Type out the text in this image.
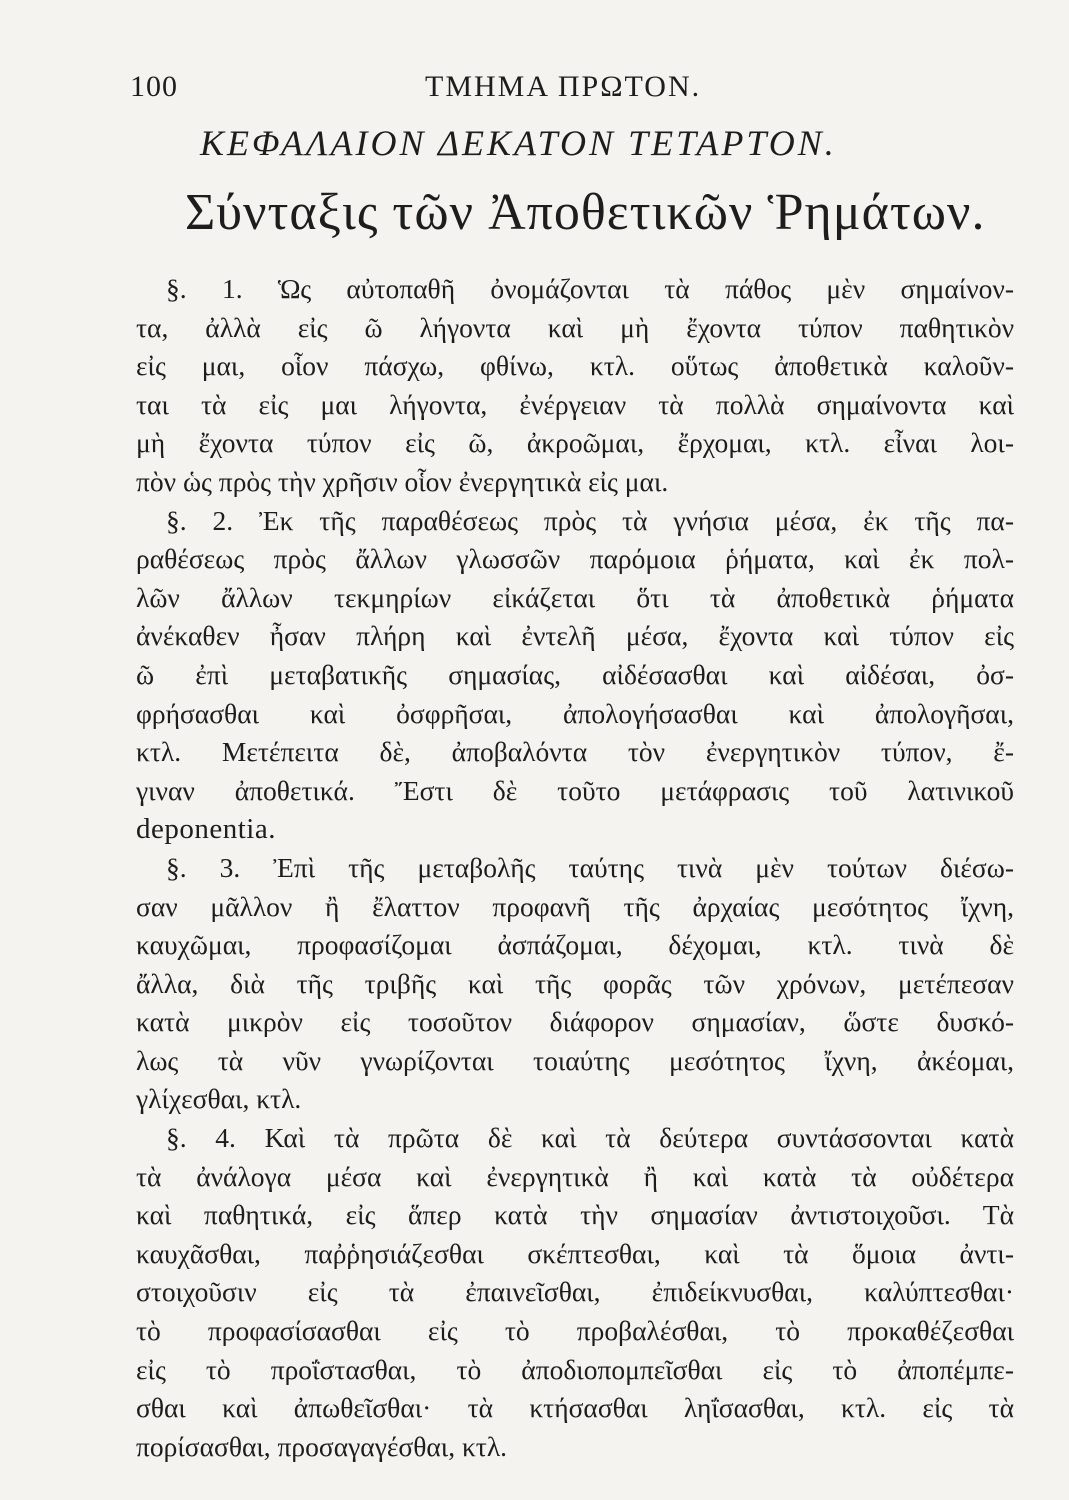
100	ΤΜΗΜΑ ΠΡΩΤΟΝ.
ΚΕΦΑΛΑΙΟΝ ΔΕΚΑΤΟΝ ΤΕΤΑΡΤΟΝ.
Σύνταξις τῶν Ἀποθετικῶν Ῥημάτων.
§. 1. Ὡς αὐτοπαθῆ ὀνομάζονται τὰ πάθος μὲν σημαίνον-
τα, ἀλλὰ εἰς ῶ λήγοντα καὶ μὴ ἔχοντα τύπον παθητικὸν
εἰς μαι, οἷον πάσχω, φθίνω, κτλ. οὕτως ἀποθετικὰ καλοῦν-
ται τὰ εἰς μαι λήγοντα, ἐνέργειαν τὰ πολλὰ σημαίνοντα καὶ
μὴ ἔχοντα τύπον εἰς ῶ, ἀκροῶμαι, ἔρχομαι, κτλ. εἶναι λοι-
πὸν ὡς πρὸς τὴν χρῆσιν οἷον ἐνεργητικὰ εἰς μαι.
§. 2. Ἐκ τῆς παραθέσεως πρὸς τὰ γνήσια μέσα, ἐκ τῆς πα-
ραθέσεως πρὸς ἄλλων γλωσσῶν παρόμοια ῥήματα, καὶ ἐκ πολ-
λῶν ἄλλων τεκμηρίων εἰκάζεται ὅτι τὰ ἀποθετικὰ ῥήματα
ἀνέκαθεν ἦσαν πλήρη καὶ ἐντελῆ μέσα, ἔχοντα καὶ τύπον εἰς
ῶ ἐπὶ μεταβατικῆς σημασίας, αἰδέσασθαι καὶ αἰδέσαι, ὀσ-
φρήσασθαι καὶ ὀσφρῆσαι, ἀπολογήσασθαι καὶ ἀπολογῆσαι,
κτλ. Μετέπειτα δὲ, ἀποβαλόντα τὸν ἐνεργητικὸν τύπον, ἔ-
γιναν ἀποθετικά. Ἔστι δὲ τοῦτο μετάφρασις τοῦ λατινικοῦ
deponentia.
§. 3. Ἐπὶ τῆς μεταβολῆς ταύτης τινὰ μὲν τούτων διέσω-
σαν μᾶλλον ἢ ἔλαττον προφανῆ τῆς ἀρχαίας μεσότητος ἴχνη,
καυχῶμαι, προφασίζομαι ἀσπάζομαι, δέχομαι, κτλ. τινὰ δὲ
ἄλλα, διὰ τῆς τριβῆς καὶ τῆς φορᾶς τῶν χρόνων, μετέπεσαν
κατὰ μικρὸν εἰς τοσοῦτον διάφορον σημασίαν, ὥστε δυσκό-
λως τὰ νῦν γνωρίζονται τοιαύτης μεσότητος ἴχνη, ἀκέομαι,
γλίχεσθαι, κτλ.
§. 4. Καὶ τὰ πρῶτα δὲ καὶ τὰ δεύτερα συντάσσονται κατὰ
τὰ ἀνάλογα μέσα καὶ ἐνεργητικὰ ἢ καὶ κατὰ τὰ οὐδέτερα
καὶ παθητικά, εἰς ἅπερ κατὰ τὴν σημασίαν ἀντιστοιχοῦσι. Τὰ
καυχᾶσθαι, παῤῥησιάζεσθαι σκέπτεσθαι, καὶ τὰ ὅμοια ἀντι-
στοιχοῦσιν εἰς τὰ ἐπαινεῖσθαι, ἐπιδείκνυσθαι, καλύπτεσθαι·
τὸ προφασίσασθαι εἰς τὸ προβαλέσθαι, τὸ προκαθέζεσθαι
εἰς τὸ προΐστασθαι, τὸ ἀποδιοπομπεῖσθαι εἰς τὸ ἀποπέμπε-
σθαι καὶ ἀπωθεῖσθαι· τὰ κτήσασθαι ληΐσασθαι, κτλ. εἰς τὰ
πορίσασθαι, προσαγαγέσθαι, κτλ.
